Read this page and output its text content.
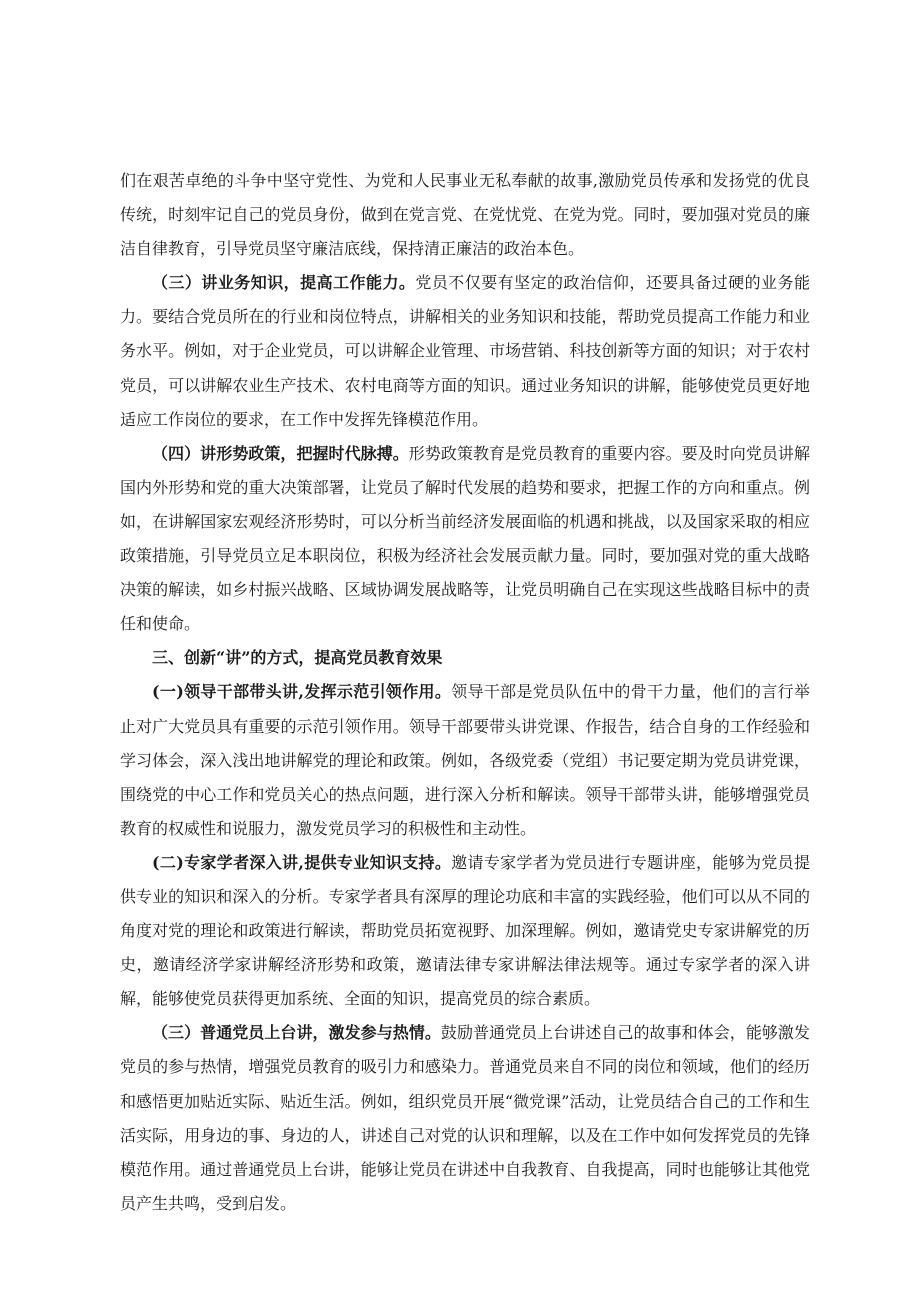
们在艰苦卓绝的斗争中坚守党性、为党和人民事业无私奉献的故事,激励党员传承和发扬党的优良传统，时刻牢记自己的党员身份，做到在党言党、在党忧党、在党为党。同时，要加强对党员的廉洁自律教育，引导党员坚守廉洁底线，保持清正廉洁的政治本色。

（三）讲业务知识，提高工作能力。党员不仅要有坚定的政治信仰，还要具备过硬的业务能力。要结合党员所在的行业和岗位特点，讲解相关的业务知识和技能，帮助党员提高工作能力和业务水平。例如，对于企业党员，可以讲解企业管理、市场营销、科技创新等方面的知识；对于农村党员，可以讲解农业生产技术、农村电商等方面的知识。通过业务知识的讲解，能够使党员更好地适应工作岗位的要求，在工作中发挥先锋模范作用。

（四）讲形势政策，把握时代脉搏。形势政策教育是党员教育的重要内容。要及时向党员讲解国内外形势和党的重大决策部署，让党员了解时代发展的趋势和要求，把握工作的方向和重点。例如，在讲解国家宏观经济形势时，可以分析当前经济发展面临的机遇和挑战，以及国家采取的相应政策措施，引导党员立足本职岗位，积极为经济社会发展贡献力量。同时，要加强对党的重大战略决策的解读，如乡村振兴战略、区域协调发展战略等，让党员明确自己在实现这些战略目标中的责任和使命。

三、创新“讲”的方式，提高党员教育效果

(一)领导干部带头讲,发挥示范引领作用。领导干部是党员队伍中的骨干力量，他们的言行举止对广大党员具有重要的示范引领作用。领导干部要带头讲党课、作报告，结合自身的工作经验和学习体会，深入浅出地讲解党的理论和政策。例如，各级党委（党组）书记要定期为党员讲党课，围绕党的中心工作和党员关心的热点问题，进行深入分析和解读。领导干部带头讲，能够增强党员教育的权威性和说服力，激发党员学习的积极性和主动性。

(二)专家学者深入讲,提供专业知识支持。邀请专家学者为党员进行专题讲座，能够为党员提供专业的知识和深入的分析。专家学者具有深厚的理论功底和丰富的实践经验，他们可以从不同的角度对党的理论和政策进行解读，帮助党员拓宽视野、加深理解。例如，邀请党史专家讲解党的历史，邀请经济学家讲解经济形势和政策，邀请法律专家讲解法律法规等。通过专家学者的深入讲解，能够使党员获得更加系统、全面的知识，提高党员的综合素质。

（三）普通党员上台讲，激发参与热情。鼓励普通党员上台讲述自己的故事和体会，能够激发党员的参与热情，增强党员教育的吸引力和感染力。普通党员来自不同的岗位和领域，他们的经历和感悟更加贴近实际、贴近生活。例如，组织党员开展“微党课”活动，让党员结合自己的工作和生活实际，用身边的事、身边的人，讲述自己对党的认识和理解，以及在工作中如何发挥党员的先锋模范作用。通过普通党员上台讲，能够让党员在讲述中自我教育、自我提高，同时也能够让其他党员产生共鸣，受到启发。
